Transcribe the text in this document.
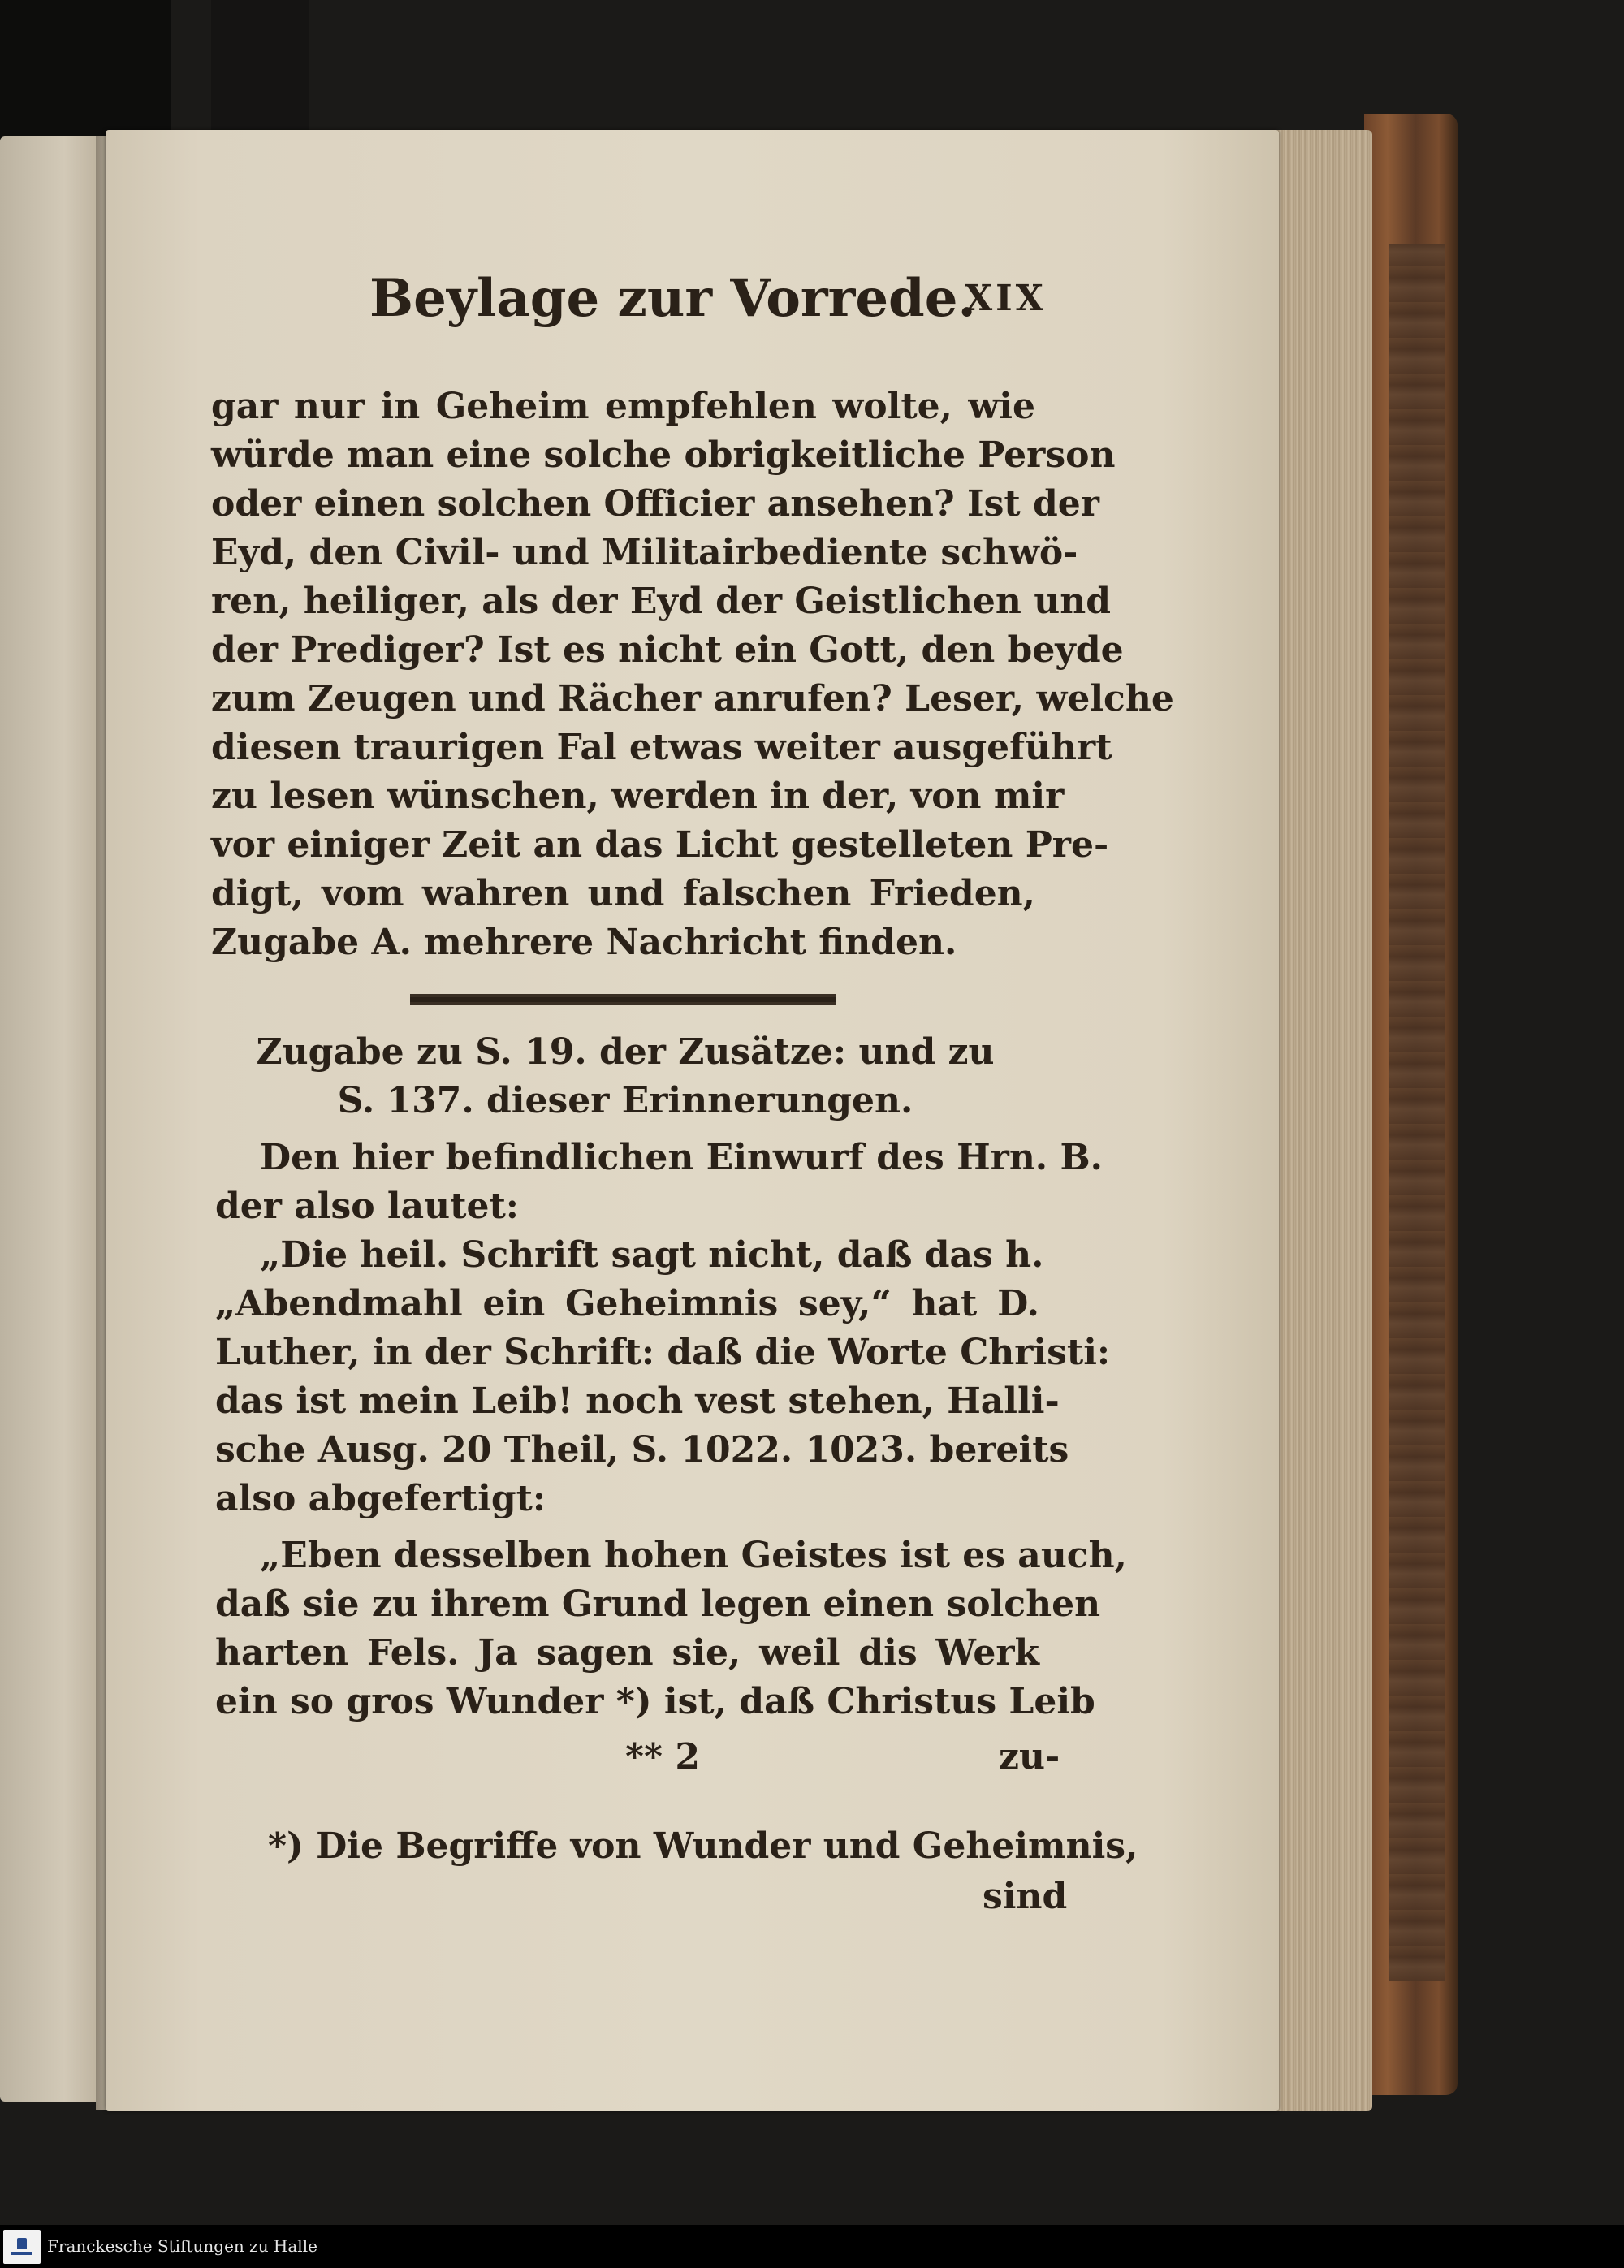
Beylage zur Vorrede.
XIX
gar nur in Geheim empfehlen wolte, wie
würde man eine solche obrigkeitliche Person
oder einen solchen Officier ansehen? Ist der
Eyd, den Civil- und Militairbediente schwö-
ren, heiliger, als der Eyd der Geistlichen und
der Prediger? Ist es nicht ein Gott, den beyde
zum Zeugen und Rächer anrufen? Leser, welche
diesen traurigen Fal etwas weiter ausgeführt
zu lesen wünschen, werden in der, von mir
vor einiger Zeit an das Licht gestelleten Pre-
digt, vom wahren und falschen Frieden,
Zugabe A. mehrere Nachricht finden.
Zugabe zu S. 19. der Zusätze: und zu
S. 137. dieser Erinnerungen.
Den hier befindlichen Einwurf des Hrn. B.
der also lautet:
„Die heil. Schrift sagt nicht, daß das h.
„Abendmahl ein Geheimnis sey,“ hat D.
Luther, in der Schrift: daß die Worte Christi:
das ist mein Leib! noch vest stehen, Halli-
sche Ausg. 20 Theil, S. 1022. 1023. bereits
also abgefertigt:
„Eben desselben hohen Geistes ist es auch,
daß sie zu ihrem Grund legen einen solchen
harten Fels. Ja sagen sie, weil dis Werk
ein so gros Wunder *) ist, daß Christus Leib
** 2	zu-
*) Die Begriffe von Wunder und Geheimnis,
sind
Franckesche Stiftungen zu Halle
